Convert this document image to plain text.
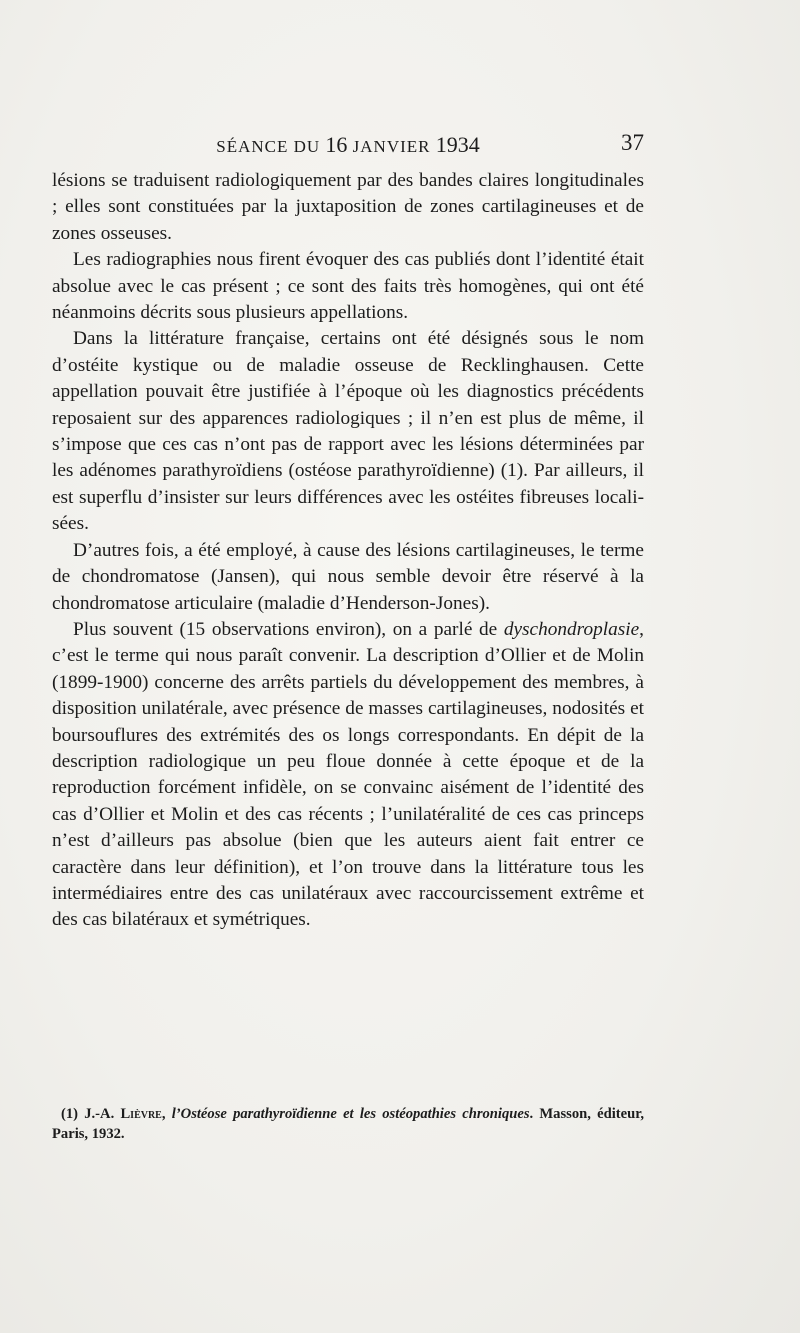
SÉANCE DU 16 JANVIER 1934	37

lésions se traduisent radiologiquement par des bandes claires longitudinales ; elles sont constituées par la juxtaposition de zones cartilagineuses et de zones osseuses.

Les radiographies nous firent évoquer des cas publiés dont l’identité était absolue avec le cas présent ; ce sont des faits très homogènes, qui ont été néanmoins décrits sous plusieurs appellations.

Dans la littérature française, certains ont été désignés sous le nom d’ostéite kystique ou de maladie osseuse de Recklinghausen. Cette appellation pouvait être justifiée à l’époque où les diagnostics précédents reposaient sur des apparences radiologiques ; il n’en est plus de même, il s’impose que ces cas n’ont pas de rapport avec les lésions déterminées par les adénomes parathyroïdiens (ostéose parathyroïdienne) (1). Par ailleurs, il est superflu d’insister sur leurs différences avec les ostéites fibreuses localisées.

D’autres fois, a été employé, à cause des lésions cartilagineuses, le terme de chondromatose (Jansen), qui nous semble devoir être réservé à la chondromatose articulaire (maladie d’Henderson-Jones).

Plus souvent (15 observations environ), on a parlé de dyschondroplasie, c’est le terme qui nous paraît convenir. La description d’Ollier et de Molin (1899-1900) concerne des arrêts partiels du développement des membres, à disposition unilatérale, avec présence de masses cartilagineuses, nodosités et boursouflures des extrémités des os longs correspondants. En dépit de la description radiologique un peu floue donnée à cette époque et de la reproduction forcément infidèle, on se convainc aisément de l’identité des cas d’Ollier et Molin et des cas récents ; l’unilatéralité de ces cas princeps n’est d’ailleurs pas absolue (bien que les auteurs aient fait entrer ce caractère dans leur définition), et l’on trouve dans la littérature tous les intermédiaires entre des cas unilatéraux avec raccourcissement extrême et des cas bilatéraux et symétriques.

(1) J.-A. Lièvre, l’Ostéose parathyroïdienne et les ostéopathies chroniques. Masson, éditeur, Paris, 1932.
